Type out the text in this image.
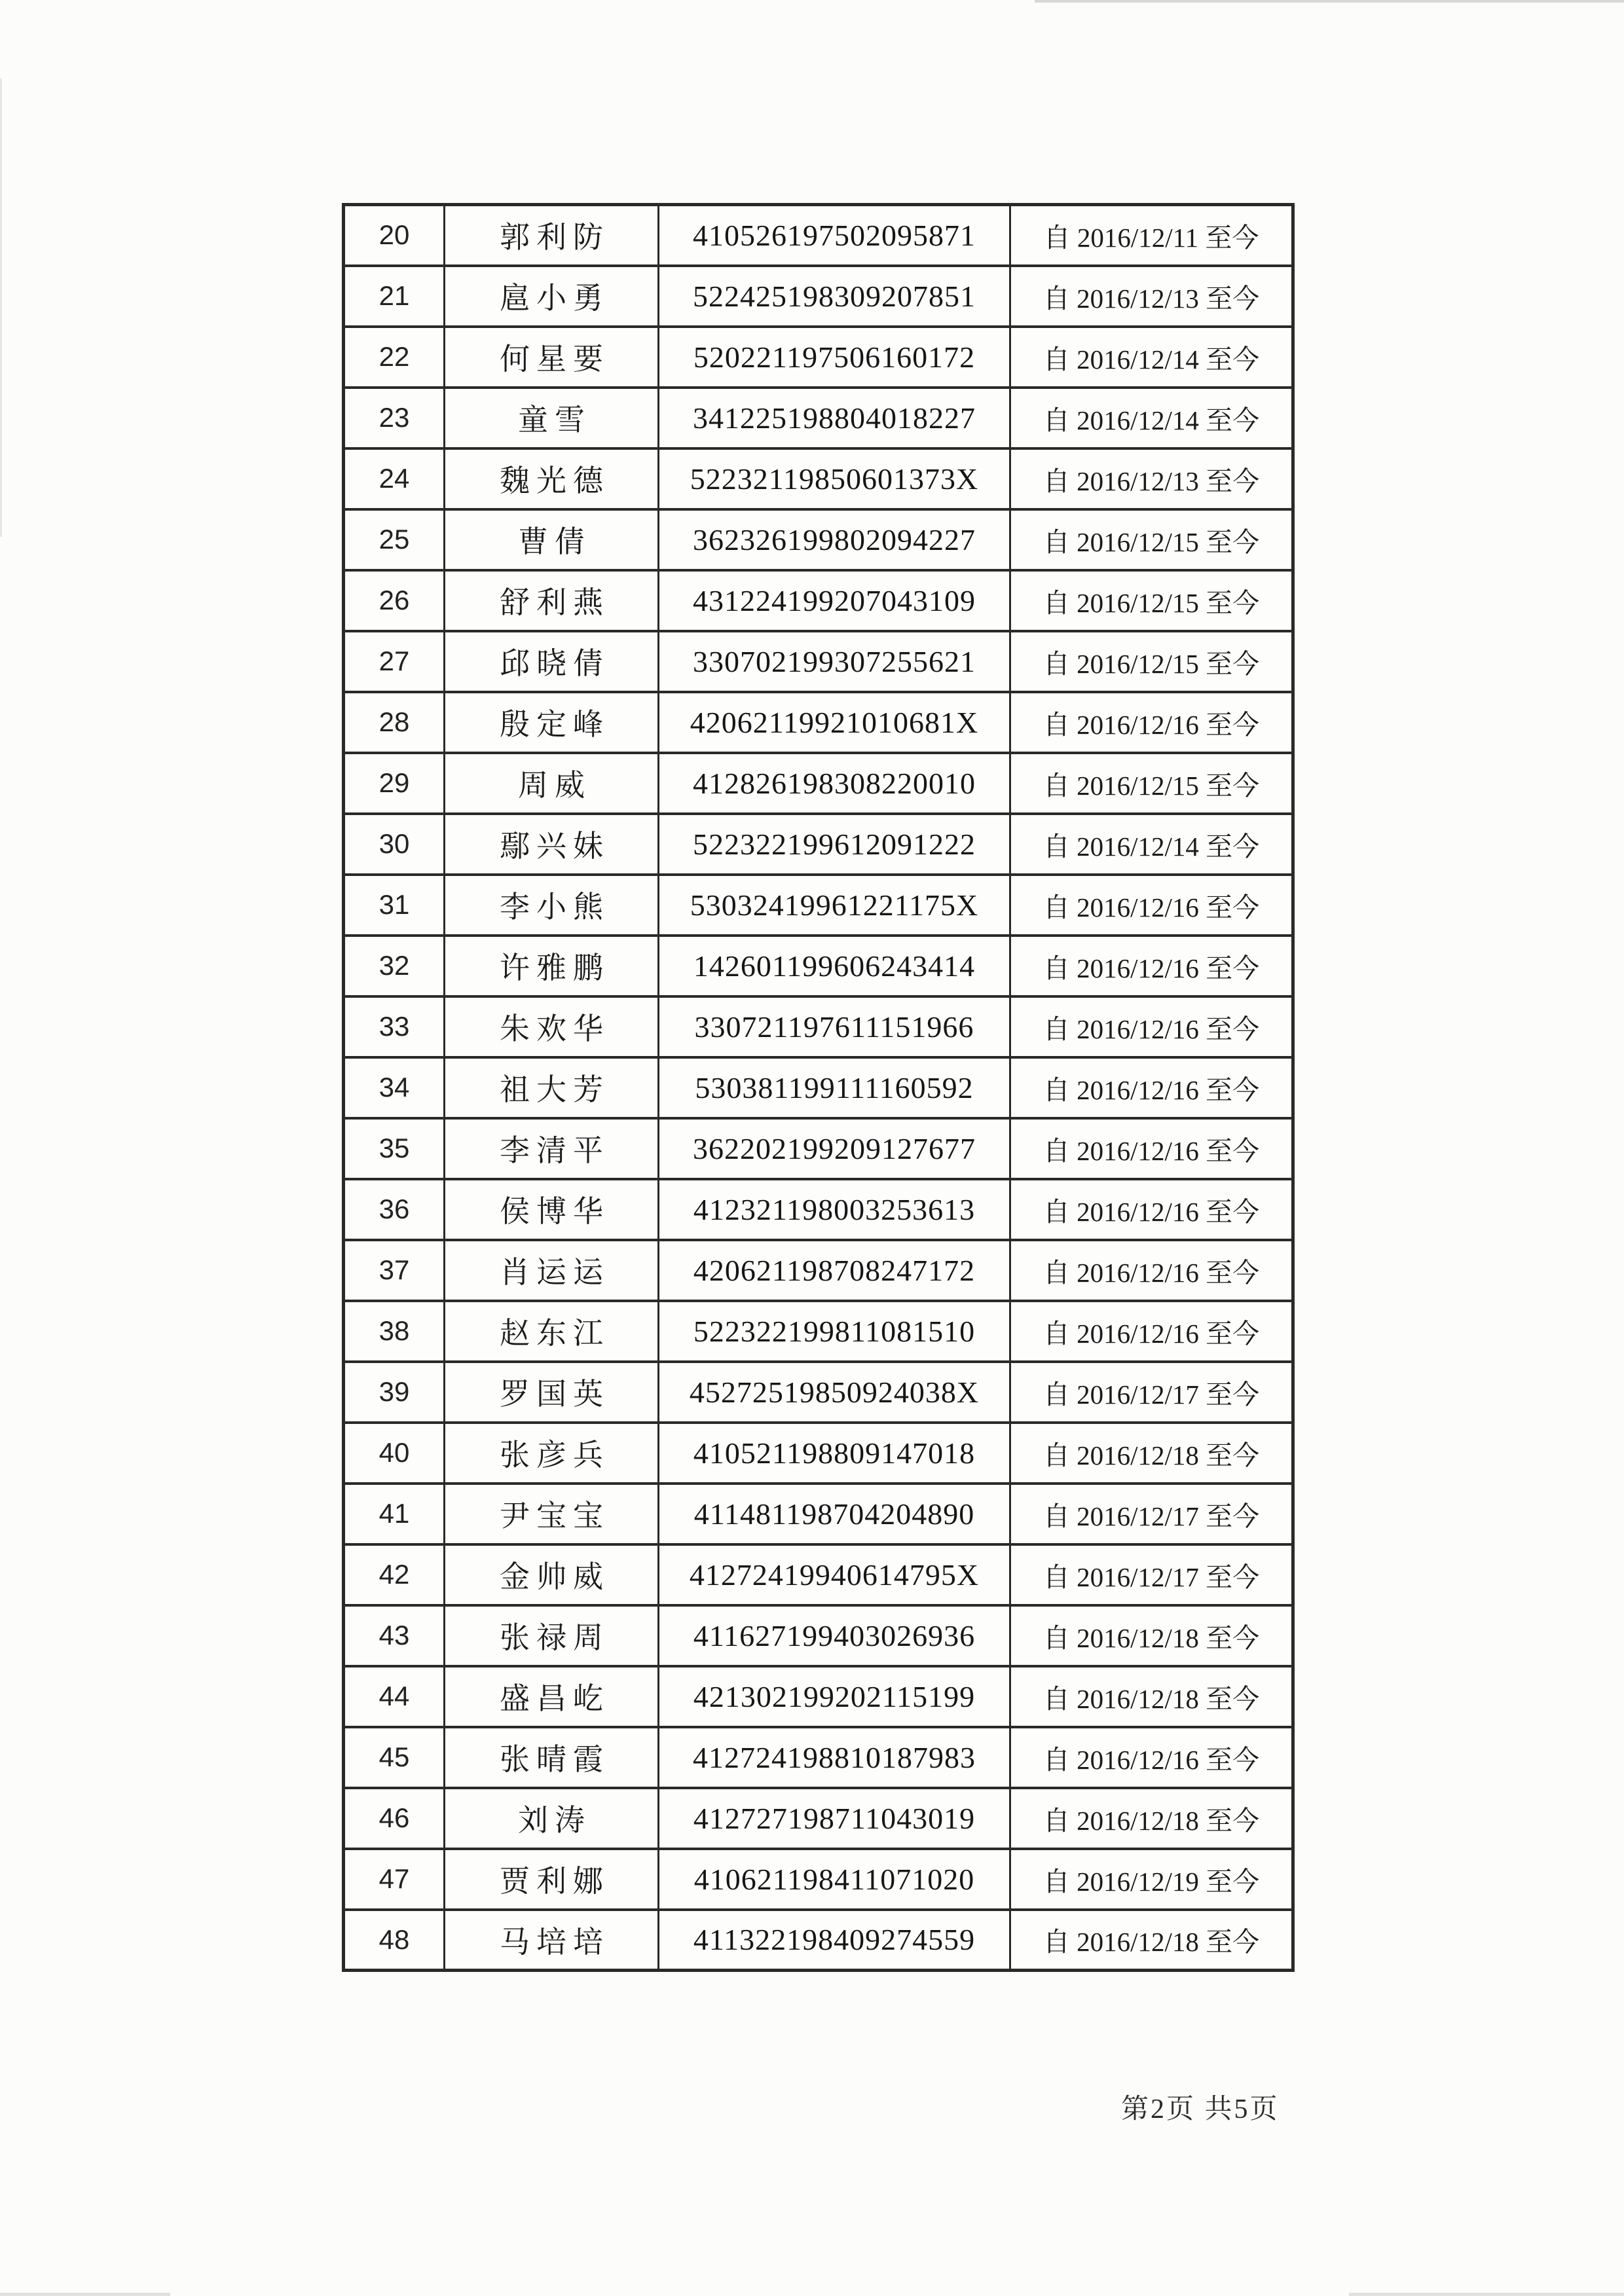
20	郭利防	410526197502095871	自 2016/12/11 至今
21	扈小勇	522425198309207851	自 2016/12/13 至今
22	何星要	520221197506160172	自 2016/12/14 至今
23	童雪	341225198804018227	自 2016/12/14 至今
24	魏光德	52232119850601373X	自 2016/12/13 至今
25	曹倩	362326199802094227	自 2016/12/15 至今
26	舒利燕	431224199207043109	自 2016/12/15 至今
27	邱晓倩	330702199307255621	自 2016/12/15 至今
28	殷定峰	42062119921010681X	自 2016/12/16 至今
29	周威	412826198308220010	自 2016/12/15 至今
30	鄢兴妹	522322199612091222	自 2016/12/14 至今
31	李小熊	53032419961221175X	自 2016/12/16 至今
32	许雅鹏	142601199606243414	自 2016/12/16 至今
33	朱欢华	330721197611151966	自 2016/12/16 至今
34	祖大芳	530381199111160592	自 2016/12/16 至今
35	李清平	362202199209127677	自 2016/12/16 至今
36	侯博华	412321198003253613	自 2016/12/16 至今
37	肖运运	420621198708247172	自 2016/12/16 至今
38	赵东江	522322199811081510	自 2016/12/16 至今
39	罗国英	45272519850924038X	自 2016/12/17 至今
40	张彦兵	410521198809147018	自 2016/12/18 至今
41	尹宝宝	411481198704204890	自 2016/12/17 至今
42	金帅威	41272419940614795X	自 2016/12/17 至今
43	张禄周	411627199403026936	自 2016/12/18 至今
44	盛昌屹	421302199202115199	自 2016/12/18 至今
45	张晴霞	412724198810187983	自 2016/12/16 至今
46	刘涛	412727198711043019	自 2016/12/18 至今
47	贾利娜	410621198411071020	自 2016/12/19 至今
48	马培培	411322198409274559	自 2016/12/18 至今
第2页 共5页
